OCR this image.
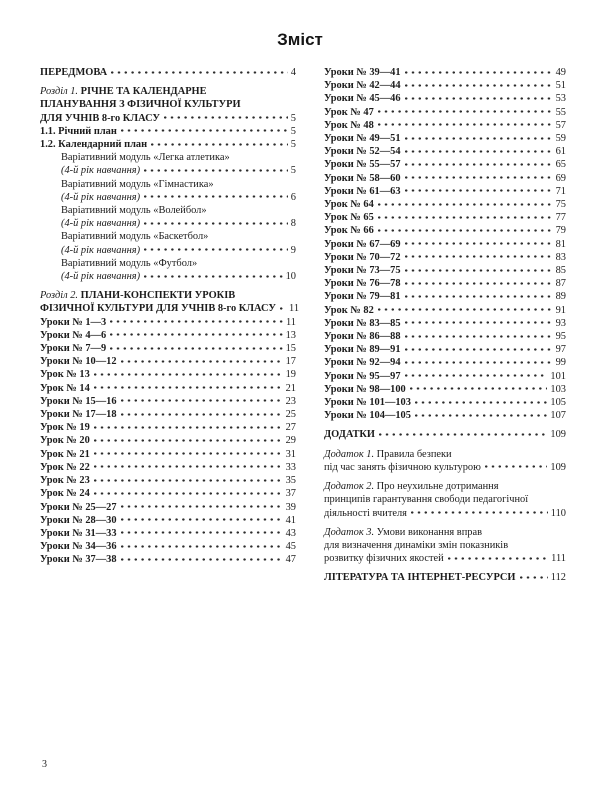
Зміст
ПЕРЕДМОВА	4
Розділ 1. РІЧНЕ ТА КАЛЕНДАРНЕ
ПЛАНУВАННЯ З ФІЗИЧНОЇ КУЛЬТУРИ
ДЛЯ УЧНІВ 8-го КЛАСУ	5
1.1. Річний план	5
1.2. Календарний план	5
Варіативний модуль «Легка атлетика»
(4-й рік навчання)	5
Варіативний модуль «Гімнастика»
(4-й рік навчання)	6
Варіативний модуль «Волейбол»
(4-й рік навчання)	8
Варіативний модуль «Баскетбол»
(4-й рік навчання)	9
Варіативний модуль «Футбол»
(4-й рік навчання)	10
Розділ 2. ПЛАНИ-КОНСПЕКТИ УРОКІВ
ФІЗИЧНОЇ КУЛЬТУРИ ДЛЯ УЧНІВ 8-го КЛАСУ 11
Уроки № 1—3	11
Уроки № 4—6	13
Уроки № 7—9	15
Уроки № 10—12	17
Урок № 13	19
Урок № 14	21
Уроки № 15—16	23
Уроки № 17—18	25
Урок № 19	27
Урок № 20	29
Урок № 21	31
Урок № 22	33
Урок № 23	35
Урок № 24	37
Уроки № 25—27	39
Уроки № 28—30	41
Уроки № 31—33	43
Уроки № 34—36	45
Уроки № 37—38	47
Уроки № 39—41	49
Уроки № 42—44	51
Уроки № 45—46	53
Урок № 47	55
Урок № 48	57
Уроки № 49—51	59
Уроки № 52—54	61
Уроки № 55—57	65
Уроки № 58—60	69
Уроки № 61—63	71
Урок № 64	75
Урок № 65	77
Урок № 66	79
Уроки № 67—69	81
Уроки № 70—72	83
Уроки № 73—75	85
Уроки № 76—78	87
Уроки № 79—81	89
Урок № 82	91
Уроки № 83—85	93
Уроки № 86—88	95
Уроки № 89—91	97
Уроки № 92—94	99
Уроки № 95—97	101
Уроки № 98—100	103
Уроки № 101—103	105
Уроки № 104—105	107
ДОДАТКИ	109
Додаток 1. Правила безпеки
під час занять фізичною культурою	109
Додаток 2. Про неухильне дотримання
принципів гарантування свободи педагогічної
діяльності вчителя	110
Додаток 3. Умови виконання вправ
для визначення динаміки змін показників
розвитку фізичних якостей	111
ЛІТЕРАТУРА ТА ІНТЕРНЕТ-РЕСУРСИ	112
3
